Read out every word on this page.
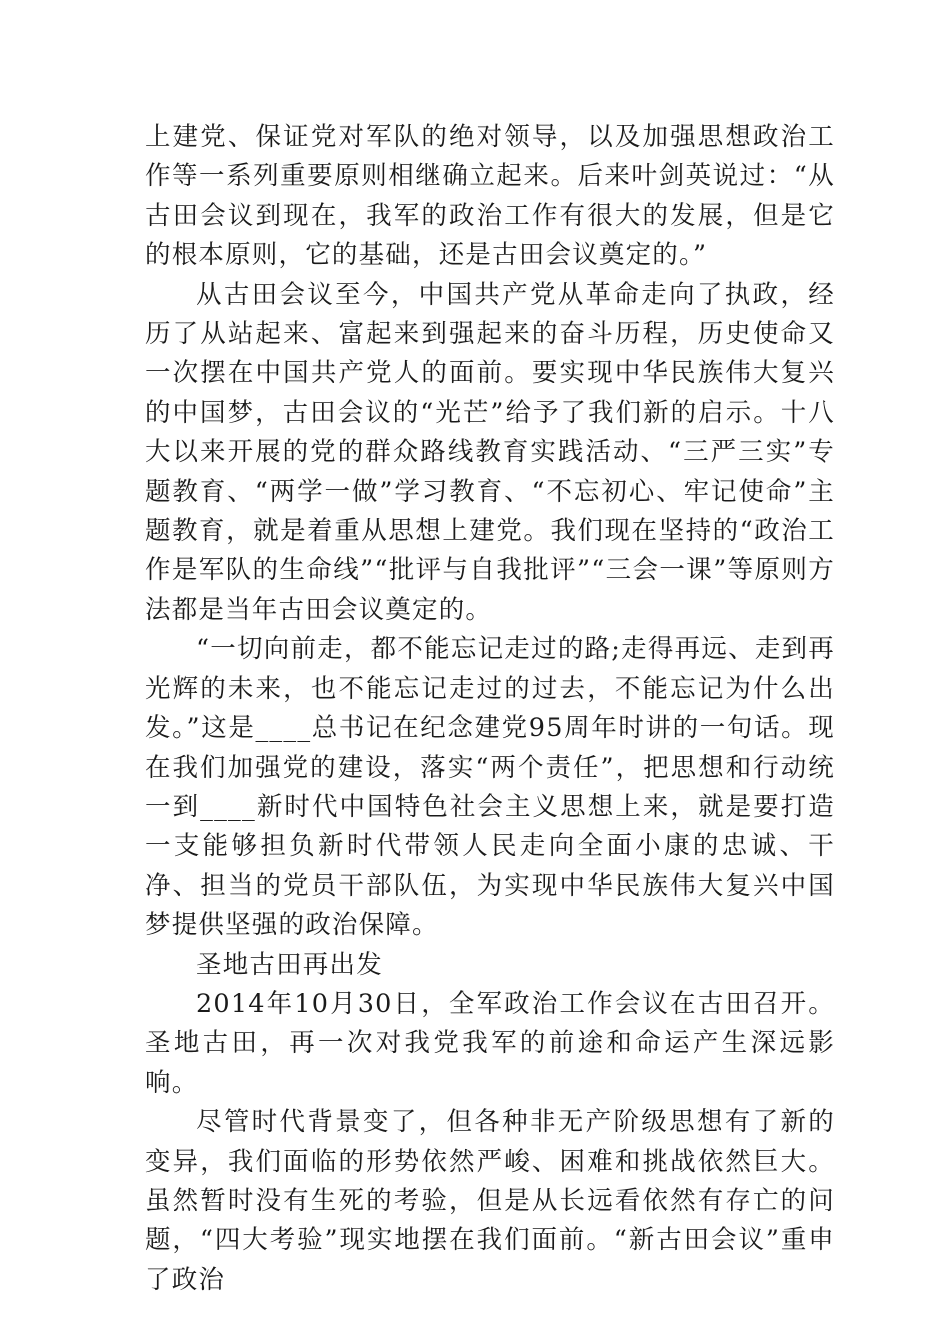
上建党、保证党对军队的绝对领导，以及加强思想政治工作等一系列重要原则相继确立起来。后来叶剑英说过：“从古田会议到现在，我军的政治工作有很大的发展，但是它的根本原则，它的基础，还是古田会议奠定的。”

从古田会议至今，中国共产党从革命走向了执政，经历了从站起来、富起来到强起来的奋斗历程，历史使命又一次摆在中国共产党人的面前。要实现中华民族伟大复兴的中国梦，古田会议的“光芒”给予了我们新的启示。十八大以来开展的党的群众路线教育实践活动、“三严三实”专题教育、“两学一做”学习教育、“不忘初心、牢记使命”主题教育，就是着重从思想上建党。我们现在坚持的“政治工作是军队的生命线”“批评与自我批评”“三会一课”等原则方法都是当年古田会议奠定的。

“一切向前走，都不能忘记走过的路;走得再远、走到再光辉的未来，也不能忘记走过的过去，不能忘记为什么出发。”这是____总书记在纪念建党95周年时讲的一句话。现在我们加强党的建设，落实“两个责任”，把思想和行动统一到____新时代中国特色社会主义思想上来，就是要打造一支能够担负新时代带领人民走向全面小康的忠诚、干净、担当的党员干部队伍，为实现中华民族伟大复兴中国梦提供坚强的政治保障。

圣地古田再出发

2014年10月30日，全军政治工作会议在古田召开。圣地古田，再一次对我党我军的前途和命运产生深远影响。

尽管时代背景变了，但各种非无产阶级思想有了新的变异，我们面临的形势依然严峻、困难和挑战依然巨大。虽然暂时没有生死的考验，但是从长远看依然有存亡的问题，“四大考验”现实地摆在我们面前。“新古田会议”重申了政治
